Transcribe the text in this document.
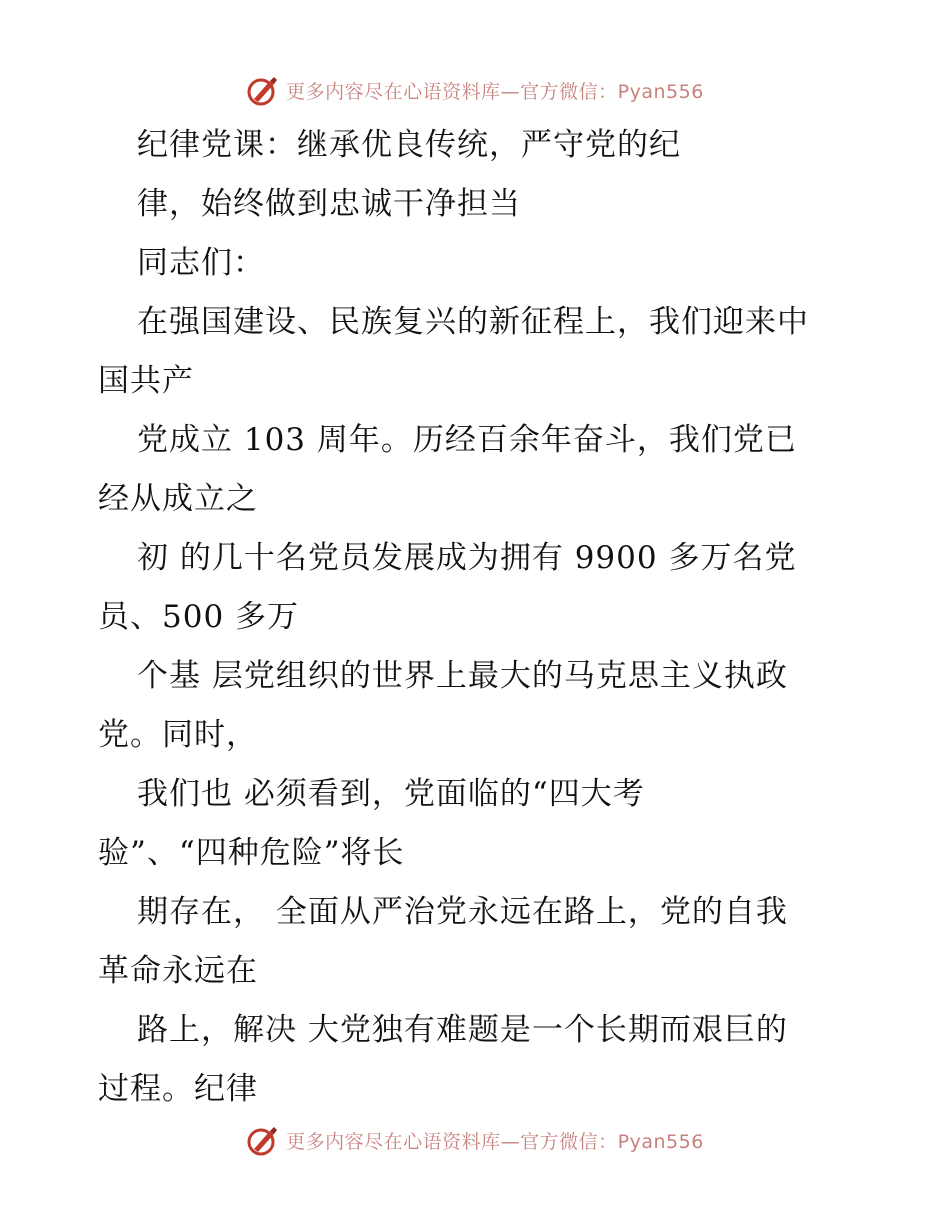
更多内容尽在心语资料库—官方微信：Pyan556
纪律党课：继承优良传统，严守党的纪
律，始终做到忠诚干净担当
同志们：
在强国建设、民族复兴的新征程上，我们迎来中
国共产
党成立 103 周年。历经百余年奋斗，我们党已
经从成立之
初 的几十名党员发展成为拥有 9900 多万名党
员、500 多万
个基 层党组织的世界上最大的马克思主义执政
党。同时，
我们也 必须看到，党面临的“四大考
验”、“四种危险”将长
期存在， 全面从严治党永远在路上，党的自我
革命永远在
路上，解决 大党独有难题是一个长期而艰巨的
过程。纪律
更多内容尽在心语资料库—官方微信：Pyan556
